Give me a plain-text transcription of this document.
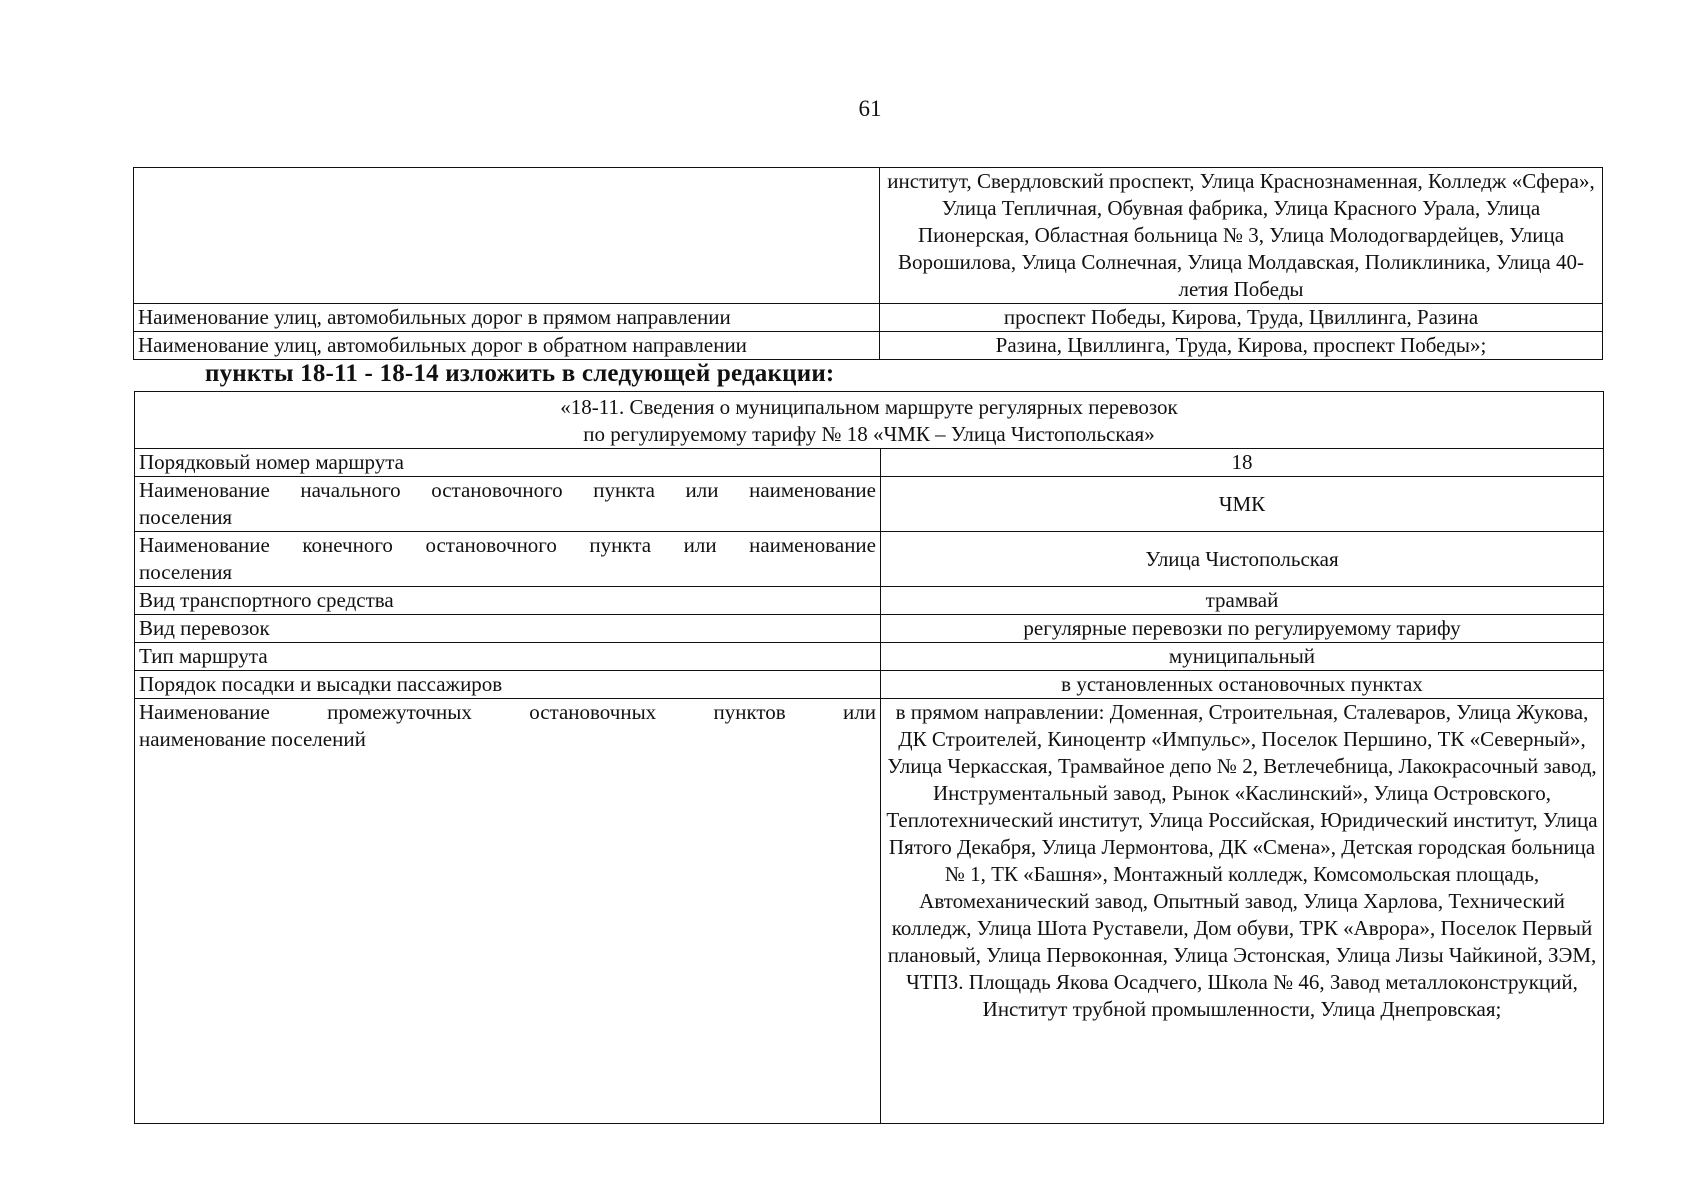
61
	институт, Свердловский проспект, Улица Краснознаменная, Колледж «Сфера», Улица Тепличная, Обувная фабрика, Улица Красного Урала, Улица Пионерская, Областная больница № 3, Улица Молодогвардейцев, Улица Ворошилова, Улица Солнечная, Улица Молдавская, Поликлиника, Улица 40-летия Победы
Наименование улиц, автомобильных дорог в прямом направлении	проспект Победы, Кирова, Труда, Цвиллинга, Разина
Наименование улиц, автомобильных дорог в обратном направлении	Разина, Цвиллинга, Труда, Кирова, проспект Победы»;
пункты 18-11 - 18-14 изложить в следующей редакции:
«18-11. Сведения о муниципальном маршруте регулярных перевозок
по регулируемому тарифу № 18 «ЧМК – Улица Чистопольская»	

Порядковый номер маршрута	18

Наименование начального остановочного пункта или наименование
поселения	ЧМК

Наименование конечного остановочного пункта или наименование
поселения	Улица Чистопольская
Вид транспортного средства	трамвай
Вид перевозок	регулярные перевозки по регулируемому тарифу
Тип маршрута	муниципальный
Порядок посадки и высадки пассажиров	в установленных остановочных пунктах

Наименование промежуточных остановочных пунктов или
наименование поселений	в прямом направлении: Доменная, Строительная, Сталеваров, Улица Жукова, ДК Строителей, Киноцентр «Импульс», Поселок Першино, ТК «Северный», Улица Черкасская, Трамвайное депо № 2, Ветлечебница, Лакокрасочный завод, Инструментальный завод, Рынок «Каслинский», Улица Островского, Теплотехнический институт, Улица Российская, Юридический институт, Улица Пятого Декабря, Улица Лермонтова, ДК «Смена», Детская городская больница № 1, ТК «Башня», Монтажный колледж, Комсомольская площадь, Автомеханический завод, Опытный завод, Улица Харлова, Технический колледж, Улица Шота Руставели, Дом обуви, ТРК «Аврора», Поселок Первый плановый, Улица Первоконная, Улица Эстонская, Улица Лизы Чайкиной, ЗЭМ, ЧТПЗ. Площадь Якова Осадчего, Школа № 46, Завод металлоконструкций, Институт трубной промышленности, Улица Днепровская;
